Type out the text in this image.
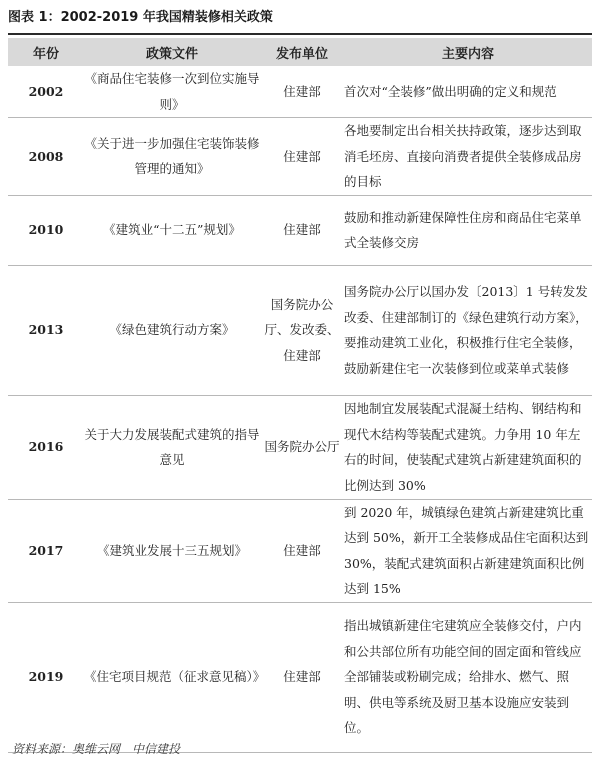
图表 1：2002-2019 年我国精装修相关政策
年份	政策文件	发布单位	主要内容
2002	《商品住宅装修一次到位实施导则》	住建部	首次对“全装修”做出明确的定义和规范
2008	《关于进一步加强住宅装饰装修管理的通知》	住建部	各地要制定出台相关扶持政策，逐步达到取消毛坯房、直接向消费者提供全装修成品房的目标
2010	《建筑业“十二五”规划》	住建部	鼓励和推动新建保障性住房和商品住宅菜单式全装修交房
2013	《绿色建筑行动方案》	国务院办公厅、发改委、住建部	国务院办公厅以国办发〔2013〕1 号转发发改委、住建部制订的《绿色建筑行动方案》，要推动建筑工业化，积极推行住宅全装修，鼓励新建住宅一次装修到位或菜单式装修
2016	关于大力发展装配式建筑的指导意见	国务院办公厅	因地制宜发展装配式混凝土结构、钢结构和现代木结构等装配式建筑。力争用 10 年左右的时间，使装配式建筑占新建建筑面积的比例达到 30%
2017	《建筑业发展十三五规划》	住建部	到 2020 年，城镇绿色建筑占新建建筑比重达到 50%，新开工全装修成品住宅面积达到 30%，装配式建筑面积占新建建筑面积比例达到 15%
2019	《住宅项目规范（征求意见稿）》	住建部	指出城镇新建住宅建筑应全装修交付，户内和公共部位所有功能空间的固定面和管线应全部铺装或粉刷完成；给排水、燃气、照明、供电等系统及厨卫基本设施应安装到位。
资料来源：奥维云网　中信建投
